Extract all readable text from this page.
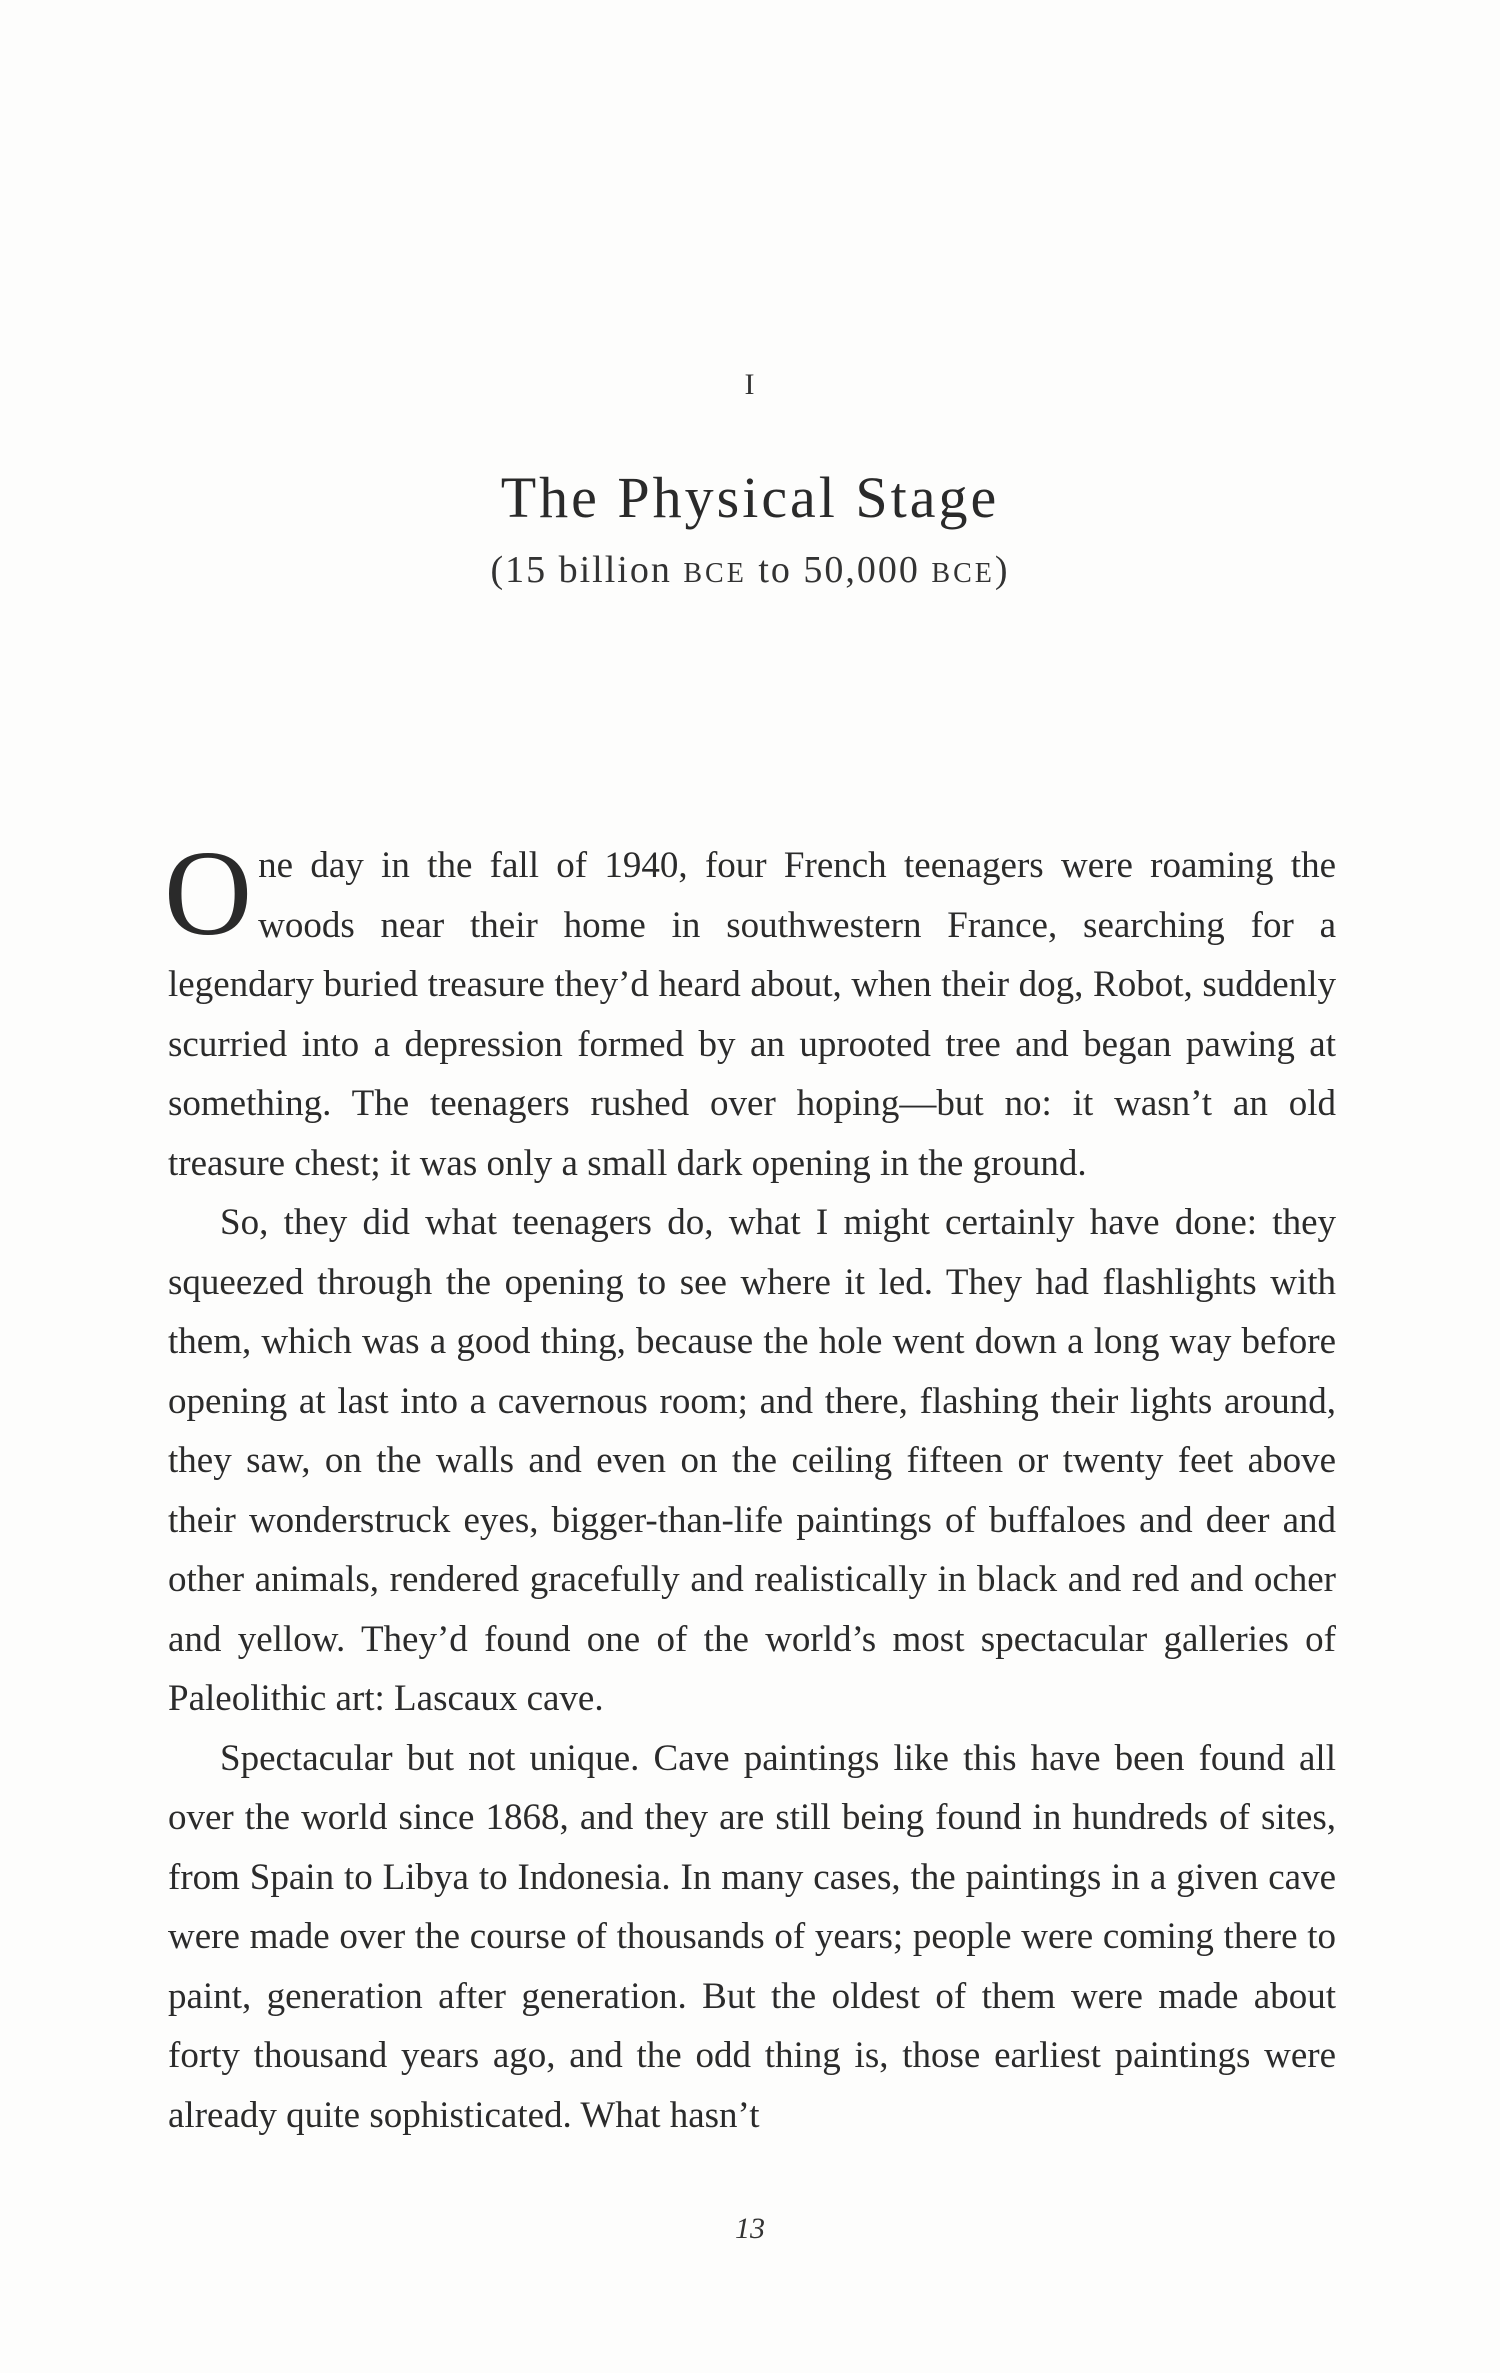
I
The Physical Stage
(15 billion BCE to 50,000 BCE)

One day in the fall of 1940, four French teenagers were roaming the woods near their home in southwestern France, searching for a legendary buried treasure they’d heard about, when their dog, Robot, suddenly scurried into a depression formed by an uprooted tree and began pawing at something. The teenagers rushed over hoping—but no: it wasn’t an old treasure chest; it was only a small dark opening in the ground.

So, they did what teenagers do, what I might certainly have done: they squeezed through the opening to see where it led. They had flashlights with them, which was a good thing, because the hole went down a long way before opening at last into a cavernous room; and there, flashing their lights around, they saw, on the walls and even on the ceiling fifteen or twenty feet above their wonderstruck eyes, bigger-than-life paintings of buffaloes and deer and other animals, rendered gracefully and realistically in black and red and ocher and yellow. They’d found one of the world’s most spectacular galleries of Paleolithic art: Lascaux cave.

Spectacular but not unique. Cave paintings like this have been found all over the world since 1868, and they are still being found in hundreds of sites, from Spain to Libya to Indonesia. In many cases, the paintings in a given cave were made over the course of thousands of years; people were coming there to paint, generation after generation. But the oldest of them were made about forty thousand years ago, and the odd thing is, those earliest paintings were already quite sophisticated. What hasn’t

13
